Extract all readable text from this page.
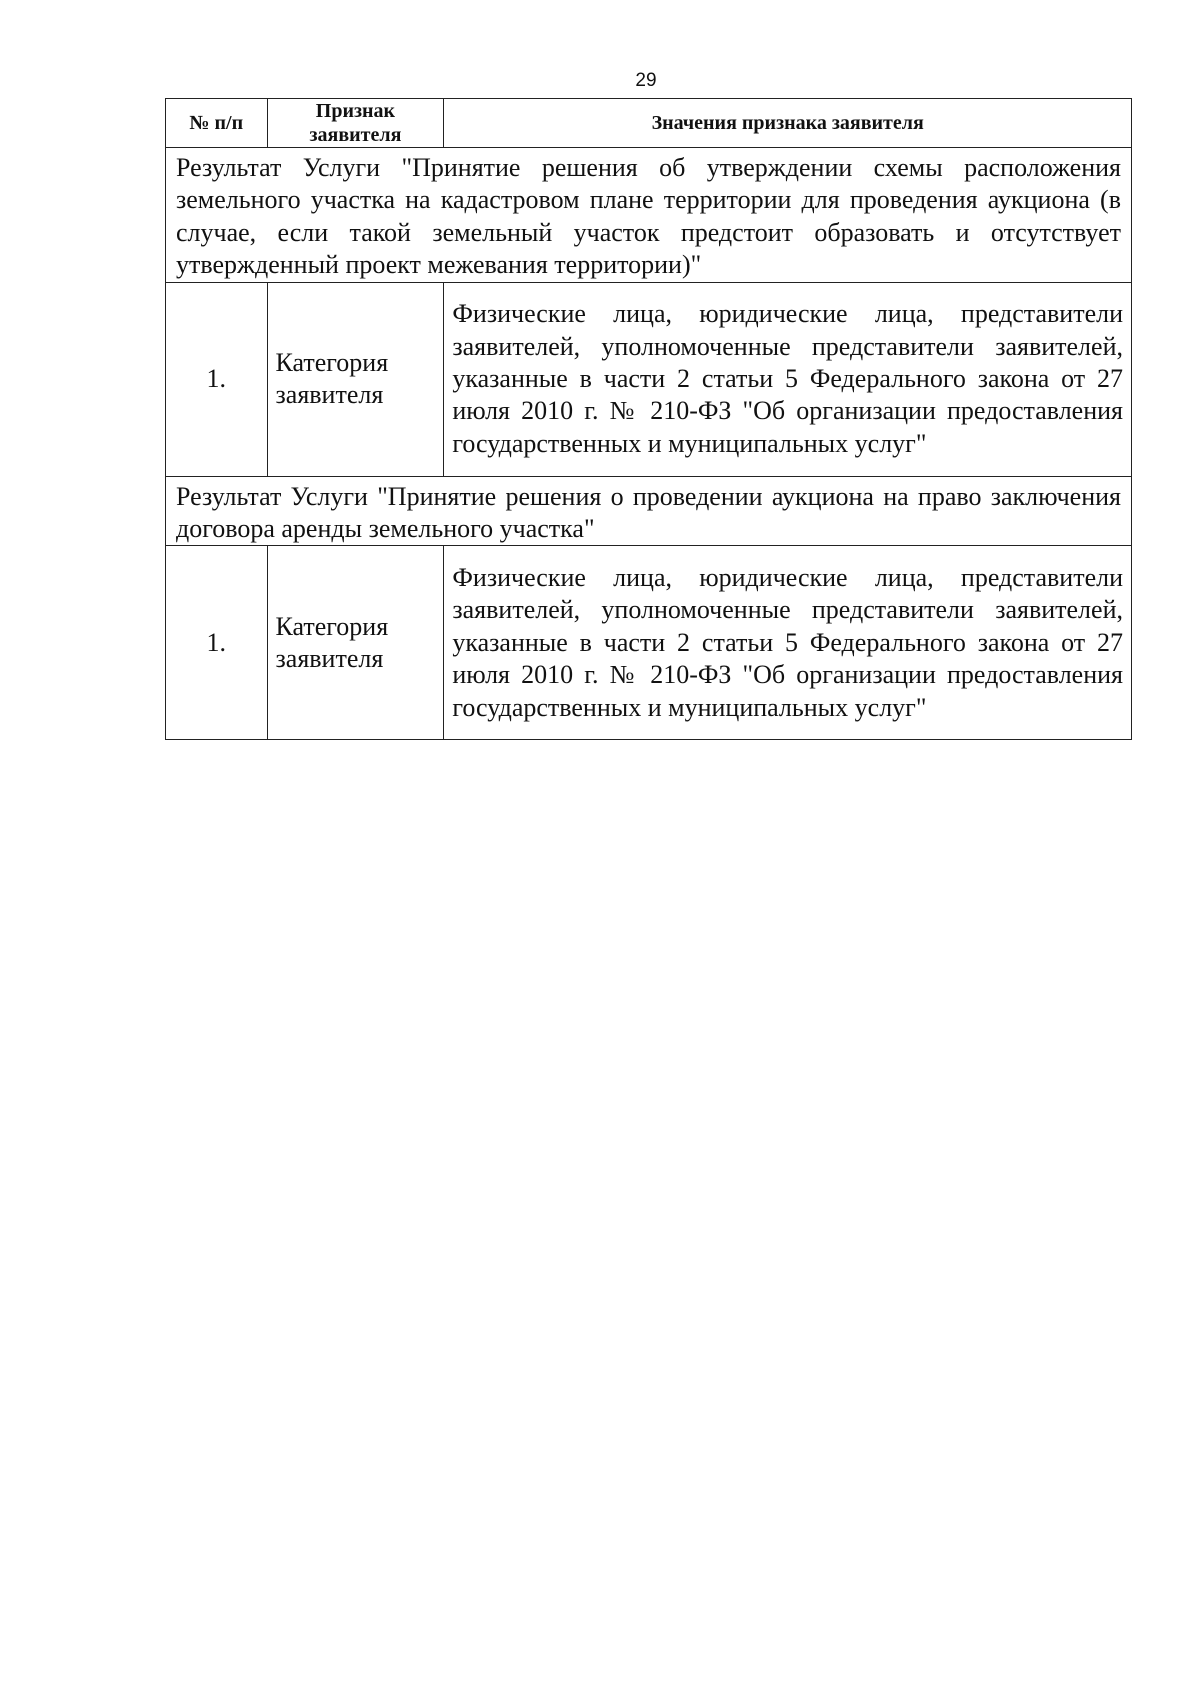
29
№ п/п	Признак заявителя	Значения признака заявителя
Результат Услуги "Принятие решения об утверждении схемы расположения земельного участка на кадастровом плане территории для проведения аукциона (в случае, если такой земельный участок предстоит образовать и отсутствует утвержденный проект межевания территории)"		
1.	Категория заявителя	Физические лица, юридические лица, представители заявителей, уполномоченные представители заявителей, указанные в части 2 статьи 5 Федерального закона от 27 июля 2010 г. № 210-ФЗ "Об организации предоставления государственных и муниципальных услуг"
Результат Услуги "Принятие решения о проведении аукциона на право заключения договора аренды земельного участка"		
1.	Категория заявителя	Физические лица, юридические лица, представители заявителей, уполномоченные представители заявителей, указанные в части 2 статьи 5 Федерального закона от 27 июля 2010 г. № 210-ФЗ "Об организации предоставления государственных и муниципальных услуг"
